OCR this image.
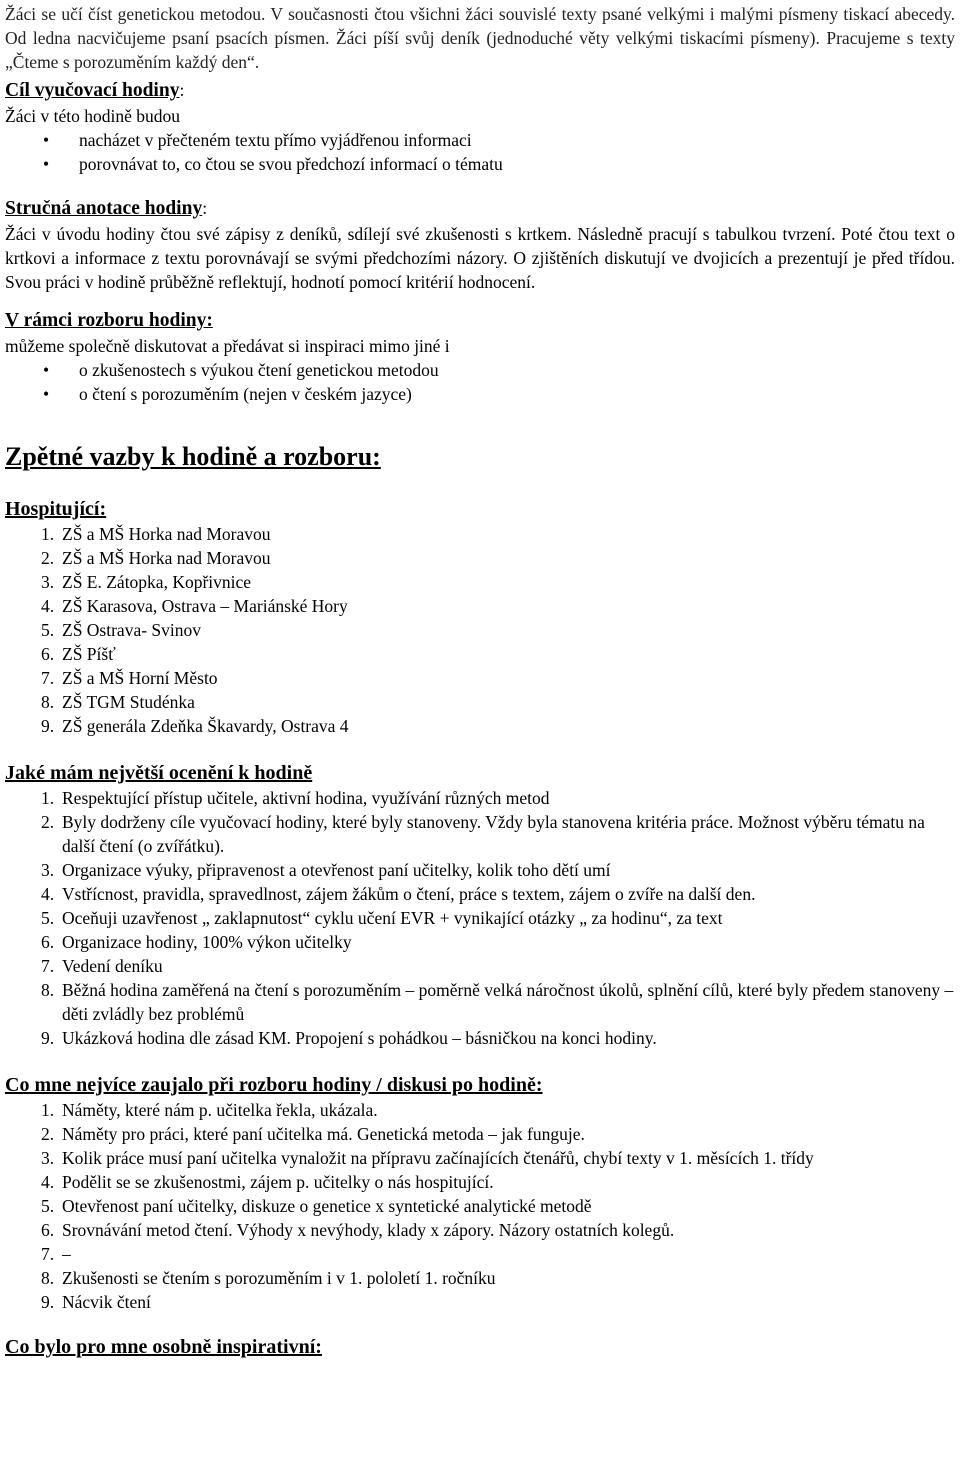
Žáci se učí číst genetickou metodou. V současnosti čtou všichni žáci souvislé texty psané velkými i malými písmeny tiskací abecedy. Od ledna nacvičujeme psaní psacích písmen. Žáci píší svůj deník (jednoduché věty velkými tiskacími písmeny). Pracujeme s texty „Čteme s porozuměním každý den“.

Cíl vyučovací hodiny:

Žáci v této hodině budou

• nacházet v přečteném textu přímo vyjádřenou informaci
• porovnávat to, co čtou se svou předchozí informací o tématu

Stručná anotace hodiny:

Žáci v úvodu hodiny čtou své zápisy z deníků, sdílejí své zkušenosti s krtkem. Následně pracují s tabulkou tvrzení. Poté čtou text o krtkovi a informace z textu porovnávají se svými předchozími názory. O zjištěních diskutují ve dvojicích a prezentují je před třídou. Svou práci v hodině průběžně reflektují, hodnotí pomocí kritérií hodnocení.

V rámci rozboru hodiny:

můžeme společně diskutovat a předávat si inspiraci mimo jiné i

• o zkušenostech s výukou čtení genetickou metodou
• o čtení s porozuměním (nejen v českém jazyce)

Zpětné vazby k hodině a rozboru:

Hospitující:

1. ZŠ a MŠ Horka nad Moravou
2. ZŠ a MŠ Horka nad Moravou
3. ZŠ E. Zátopka, Kopřivnice
4. ZŠ Karasova, Ostrava – Mariánské Hory
5. ZŠ Ostrava- Svinov
6. ZŠ Píšť
7. ZŠ a MŠ Horní Město
8. ZŠ TGM Studénka
9. ZŠ generála Zdeňka Škavardy, Ostrava 4

Jaké mám největší ocenění k hodině

1. Respektující přístup učitele, aktivní hodina, využívání různých metod
2. Byly dodrženy cíle vyučovací hodiny, které byly stanoveny. Vždy byla stanovena kritéria práce. Možnost výběru tématu na další čtení (o zvířátku).
3. Organizace výuky, připravenost a otevřenost paní učitelky, kolik toho dětí umí
4. Vstřícnost, pravidla, spravedlnost, zájem žákům o čtení, práce s textem, zájem o zvíře na další den.
5. Oceňuji uzavřenost „ zaklapnutost“ cyklu učení EVR + vynikající otázky „ za hodinu“, za text
6. Organizace hodiny, 100% výkon učitelky
7. Vedení deníku
8. Běžná hodina zaměřená na čtení s porozuměním – poměrně velká náročnost úkolů, splnění cílů, které byly předem stanoveny – děti zvládly bez problémů
9. Ukázková hodina dle zásad KM. Propojení s pohádkou – básničkou na konci hodiny.

Co mne nejvíce zaujalo při rozboru hodiny / diskusi po hodině:

1. Náměty, které nám p. učitelka řekla, ukázala.
2. Náměty pro práci, které paní učitelka má. Genetická metoda – jak funguje.
3. Kolik práce musí paní učitelka vynaložit na přípravu začínajících čtenářů, chybí texty v 1. měsících 1. třídy
4. Podělit se se zkušenostmi, zájem p. učitelky o nás hospitující.
5. Otevřenost paní učitelky, diskuze o genetice x syntetické analytické metodě
6. Srovnávání metod čtení. Výhody x nevýhody, klady x zápory. Názory ostatních kolegů.
7. –
8. Zkušenosti se čtením s porozuměním i v 1. pololetí 1. ročníku
9. Nácvik čtení

Co bylo pro mne osobně inspirativní:
